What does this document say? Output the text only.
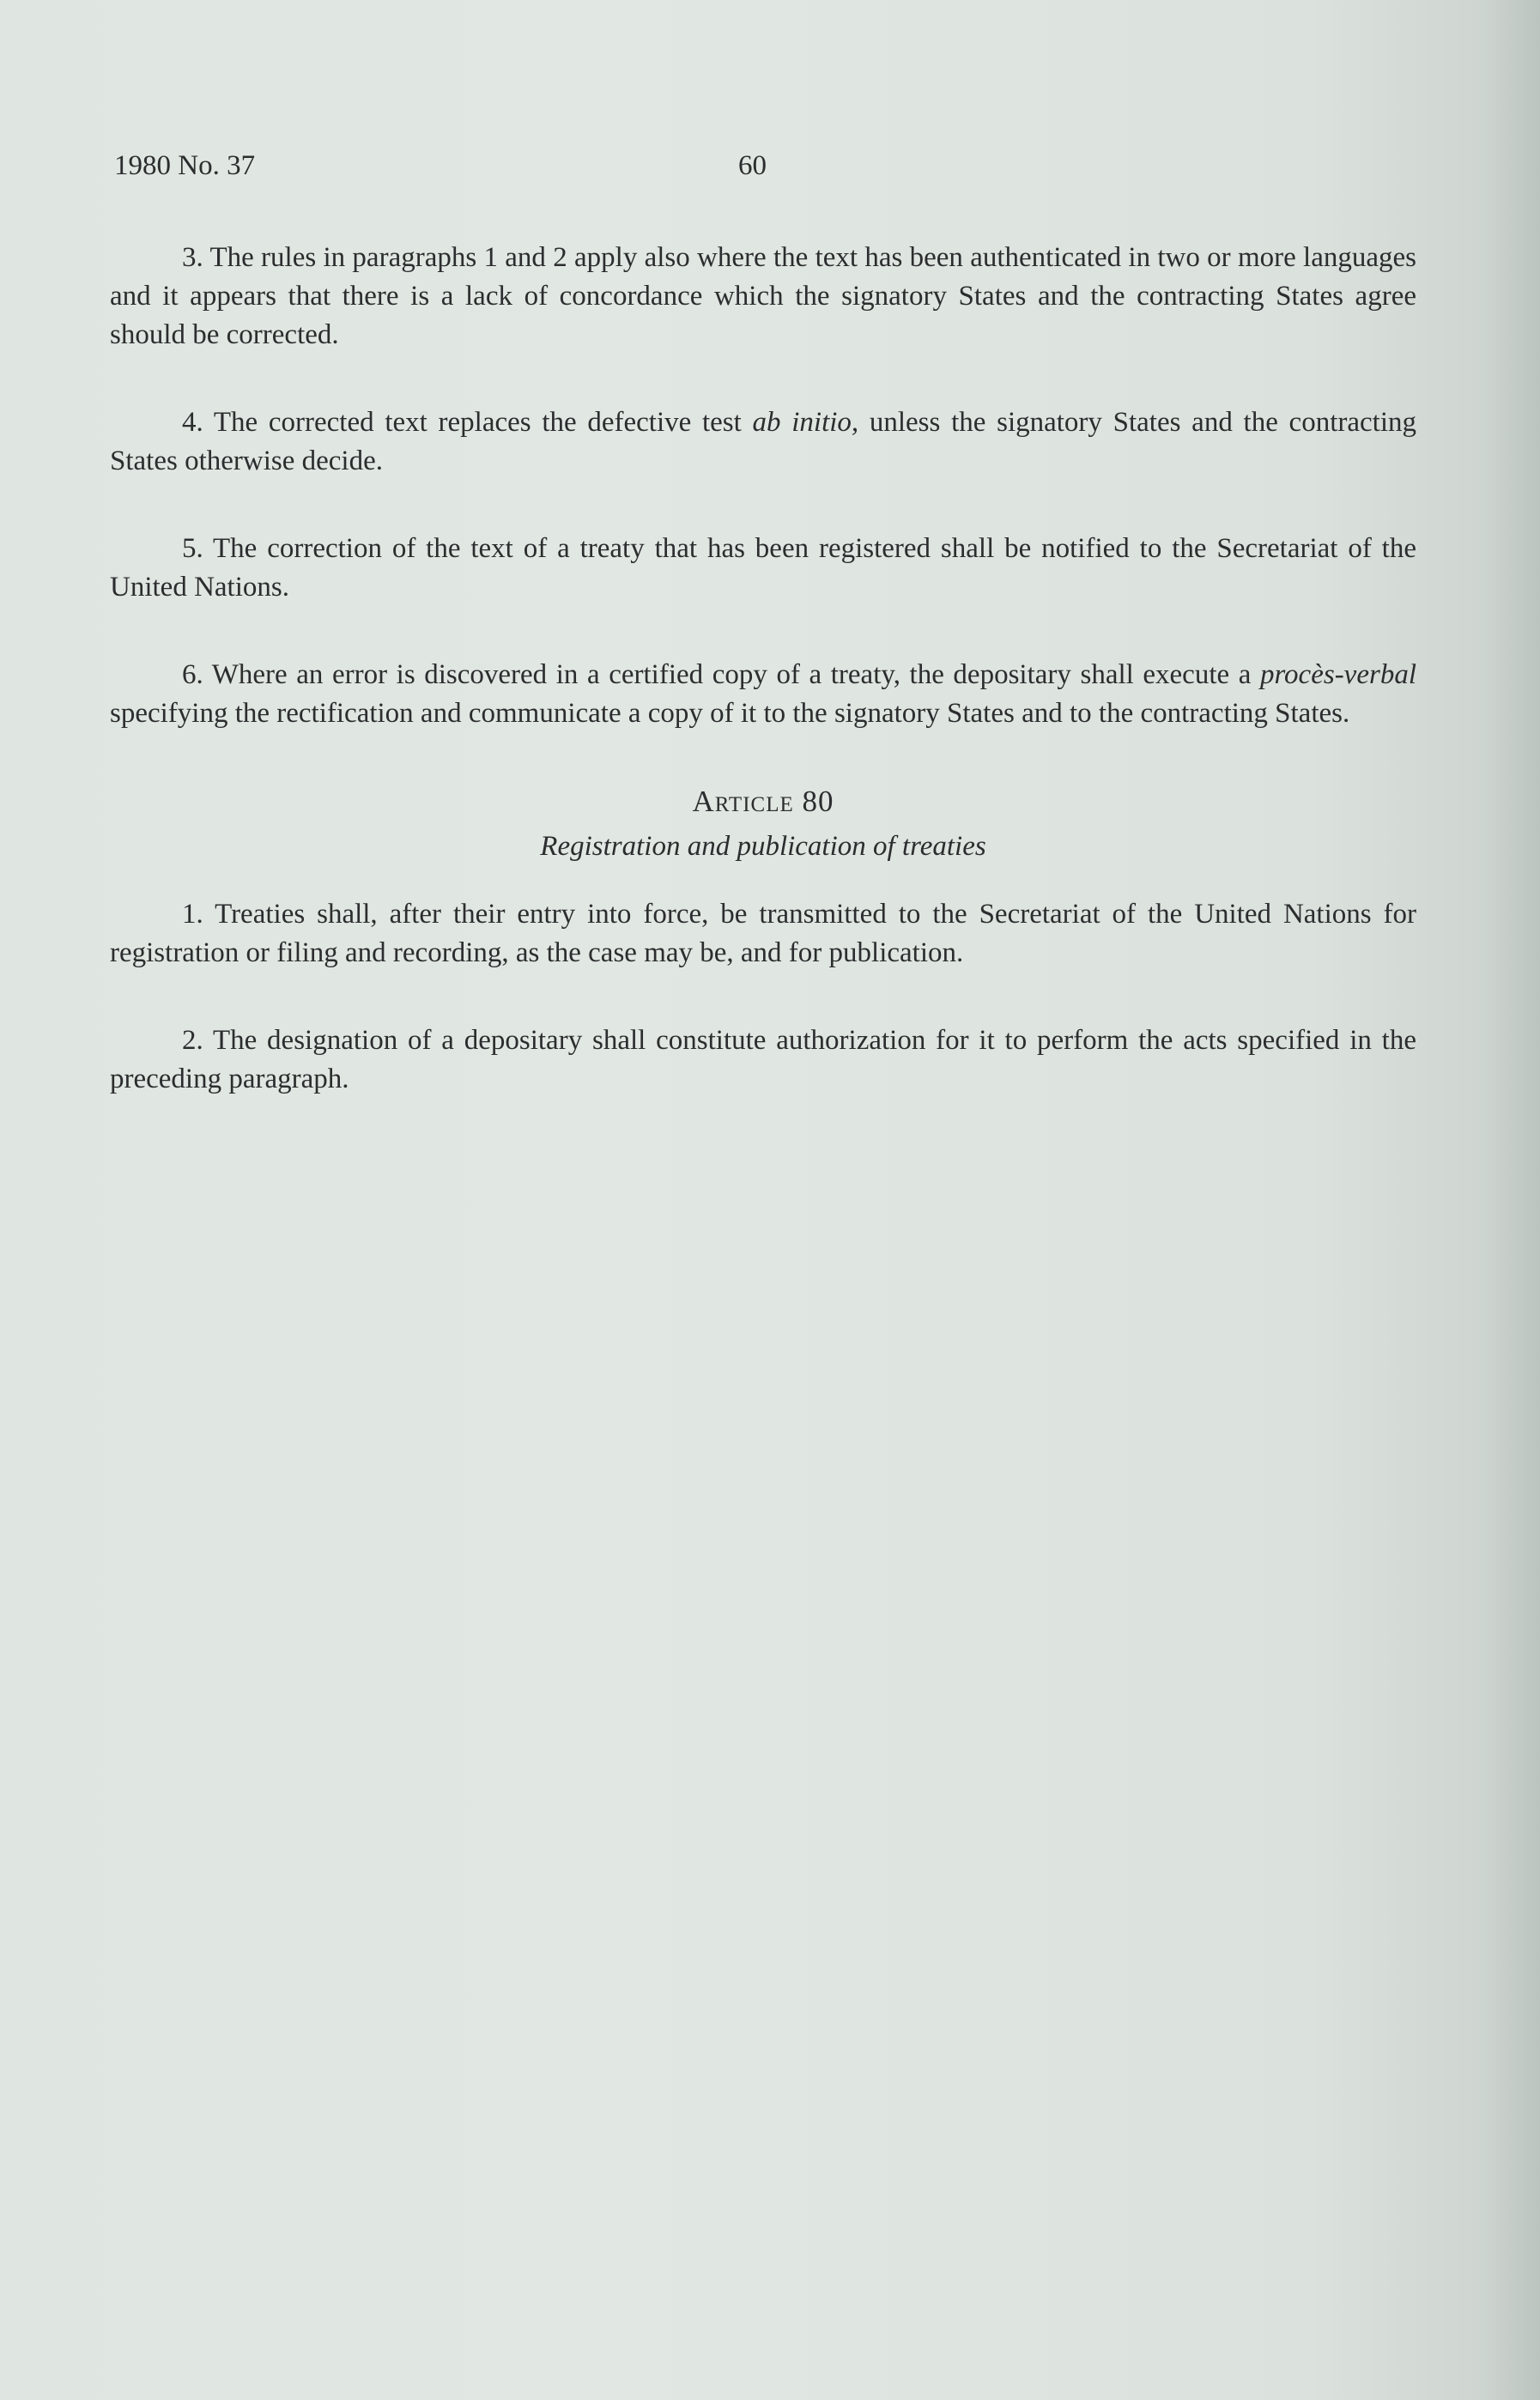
1980 No. 37	60

3. The rules in paragraphs 1 and 2 apply also where the text has been authenticated in two or more languages and it appears that there is a lack of concordance which the signatory States and the contracting States agree should be corrected.

4. The corrected text replaces the defective test ab initio, unless the signatory States and the contracting States otherwise decide.

5. The correction of the text of a treaty that has been registered shall be notified to the Secretariat of the United Nations.

6. Where an error is discovered in a certified copy of a treaty, the depositary shall execute a procès-verbal specifying the rectification and communicate a copy of it to the signatory States and to the contracting States.

Article 80

Registration and publication of treaties

1. Treaties shall, after their entry into force, be transmitted to the Secretariat of the United Nations for registration or filing and recording, as the case may be, and for publication.

2. The designation of a depositary shall constitute authorization for it to perform the acts specified in the preceding paragraph.
